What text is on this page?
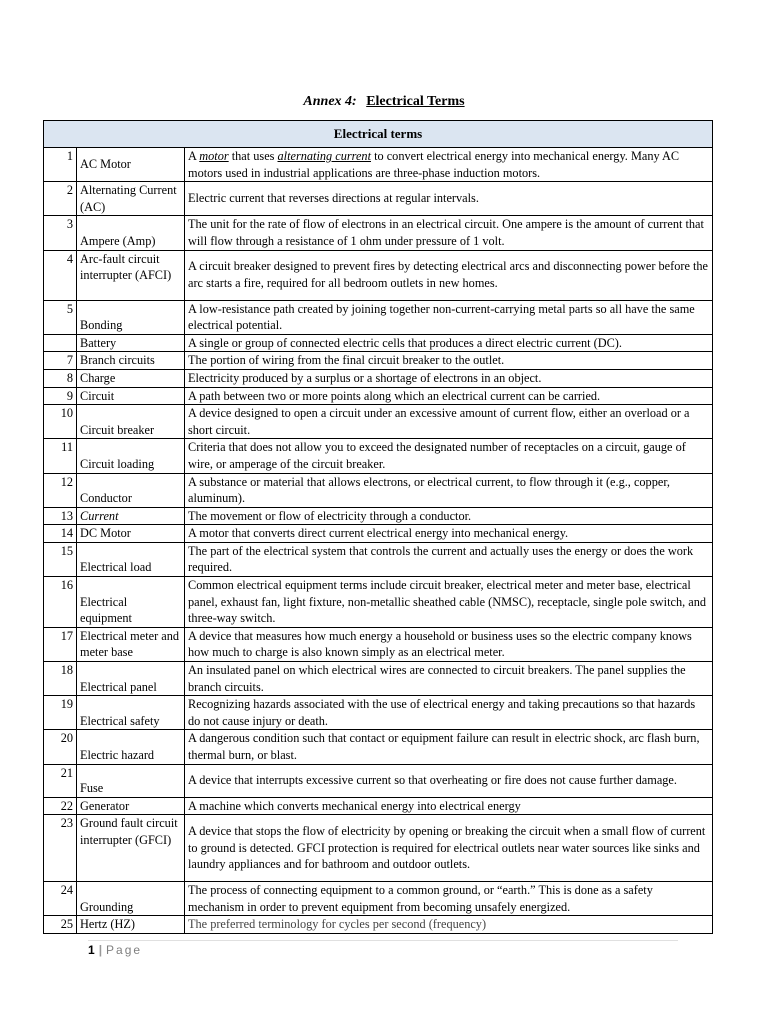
Annex 4: Electrical Terms
Electrical terms		
1	AC Motor	A motor that uses alternating current to convert electrical energy into mechanical energy. Many AC motors used in industrial applications are three-phase induction motors.
2	Alternating Current (AC)	Electric current that reverses directions at regular intervals.
3	Ampere (Amp)	The unit for the rate of flow of electrons in an electrical circuit. One ampere is the amount of current that will flow through a resistance of 1 ohm under pressure of 1 volt.
4	Arc-fault circuit interrupter (AFCI)	A circuit breaker designed to prevent fires by detecting electrical arcs and disconnecting power before the arc starts a fire, required for all bedroom outlets in new homes.
5	Bonding	A low-resistance path created by joining together non-current-carrying metal parts so all have the same electrical potential.
	Battery	A single or group of connected electric cells that produces a direct electric current (DC).
7	Branch circuits	The portion of wiring from the final circuit breaker to the outlet.
8	Charge	Electricity produced by a surplus or a shortage of electrons in an object.
9	Circuit	A path between two or more points along which an electrical current can be carried.
10	Circuit breaker	A device designed to open a circuit under an excessive amount of current flow, either an overload or a short circuit.
11	Circuit loading	Criteria that does not allow you to exceed the designated number of receptacles on a circuit, gauge of wire, or amperage of the circuit breaker.
12	Conductor	A substance or material that allows electrons, or electrical current, to flow through it (e.g., copper, aluminum).
13	Current	The movement or flow of electricity through a conductor.
14	DC Motor	A motor that converts direct current electrical energy into mechanical energy.
15	Electrical load	The part of the electrical system that controls the current and actually uses the energy or does the work required.
16	Electrical equipment	Common electrical equipment terms include circuit breaker, electrical meter and meter base, electrical panel, exhaust fan, light fixture, non-metallic sheathed cable (NMSC), receptacle, single pole switch, and three-way switch.
17	Electrical meter and meter base	A device that measures how much energy a household or business uses so the electric company knows how much to charge is also known simply as an electrical meter.
18	Electrical panel	An insulated panel on which electrical wires are connected to circuit breakers. The panel supplies the branch circuits.
19	Electrical safety	Recognizing hazards associated with the use of electrical energy and taking precautions so that hazards do not cause injury or death.
20	Electric hazard	A dangerous condition such that contact or equipment failure can result in electric shock, arc flash burn, thermal burn, or blast.
21	Fuse	A device that interrupts excessive current so that overheating or fire does not cause further damage.
22	Generator	A machine which converts mechanical energy into electrical energy
23	Ground fault circuit interrupter (GFCI)	A device that stops the flow of electricity by opening or breaking the circuit when a small flow of current to ground is detected. GFCI protection is required for electrical outlets near water sources like sinks and laundry appliances and for bathroom and outdoor outlets.
24	Grounding	The process of connecting equipment to a common ground, or “earth.” This is done as a safety mechanism in order to prevent equipment from becoming unsafely energized.
25	Hertz (HZ)	The preferred terminology for cycles per second (frequency)
1 | Page
